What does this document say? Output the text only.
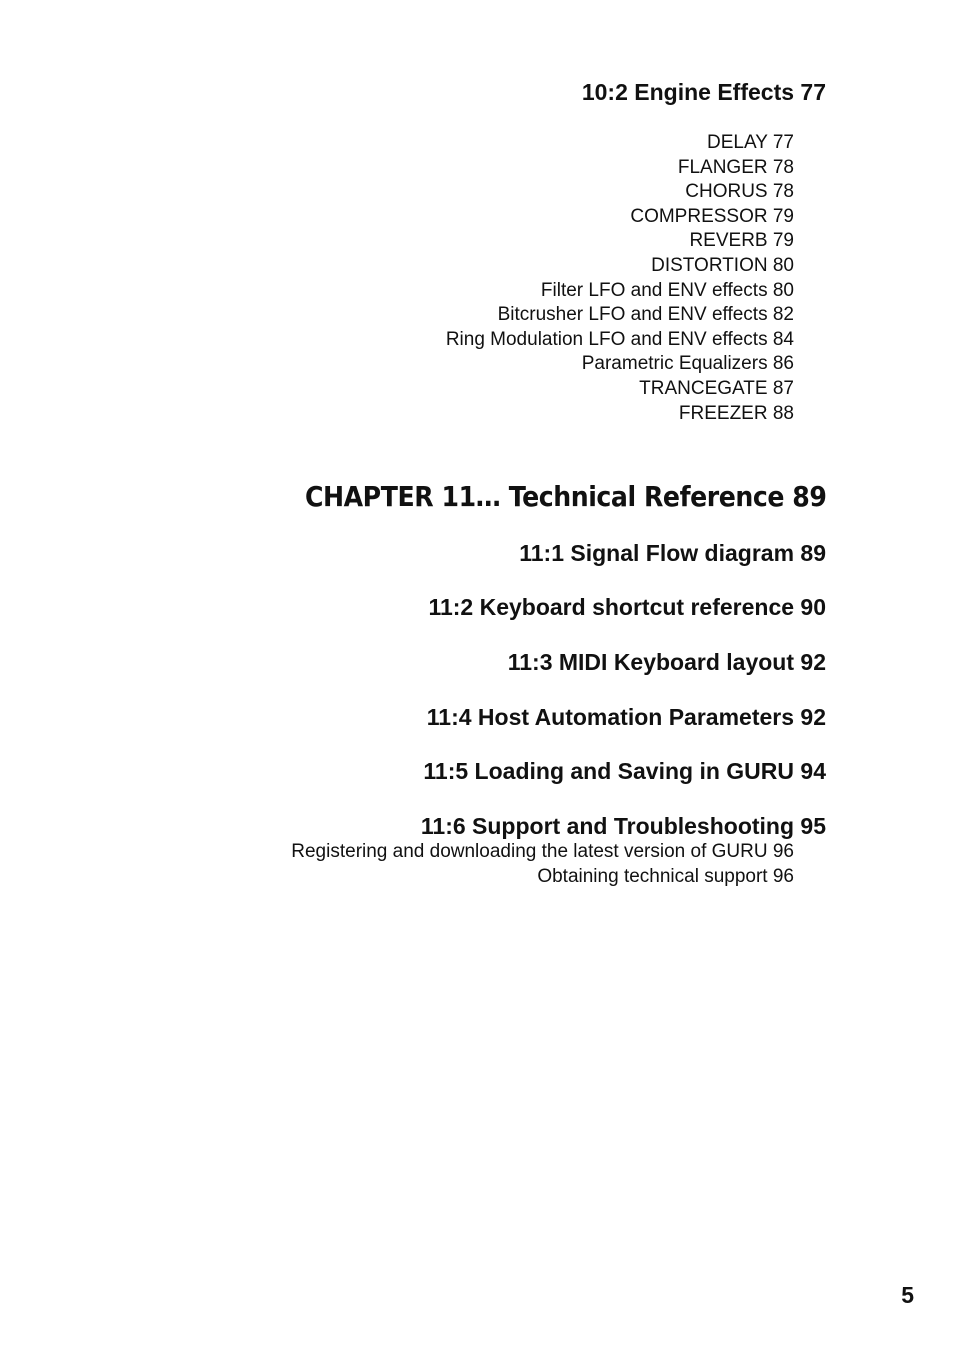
10:2 Engine Effects 77
DELAY 77
FLANGER 78
CHORUS 78
COMPRESSOR 79
REVERB 79
DISTORTION 80
Filter LFO and ENV effects 80
Bitcrusher LFO and ENV effects 82
Ring Modulation LFO and ENV effects 84
Parametric Equalizers 86
TRANCEGATE 87
FREEZER 88
CHAPTER 11… Technical Reference 89
11:1 Signal Flow diagram 89
11:2 Keyboard shortcut reference 90
11:3 MIDI Keyboard layout 92
11:4 Host Automation Parameters 92
11:5 Loading and Saving in GURU 94
11:6 Support and Troubleshooting 95
Registering and downloading the latest version of GURU 96
Obtaining technical support 96
5
